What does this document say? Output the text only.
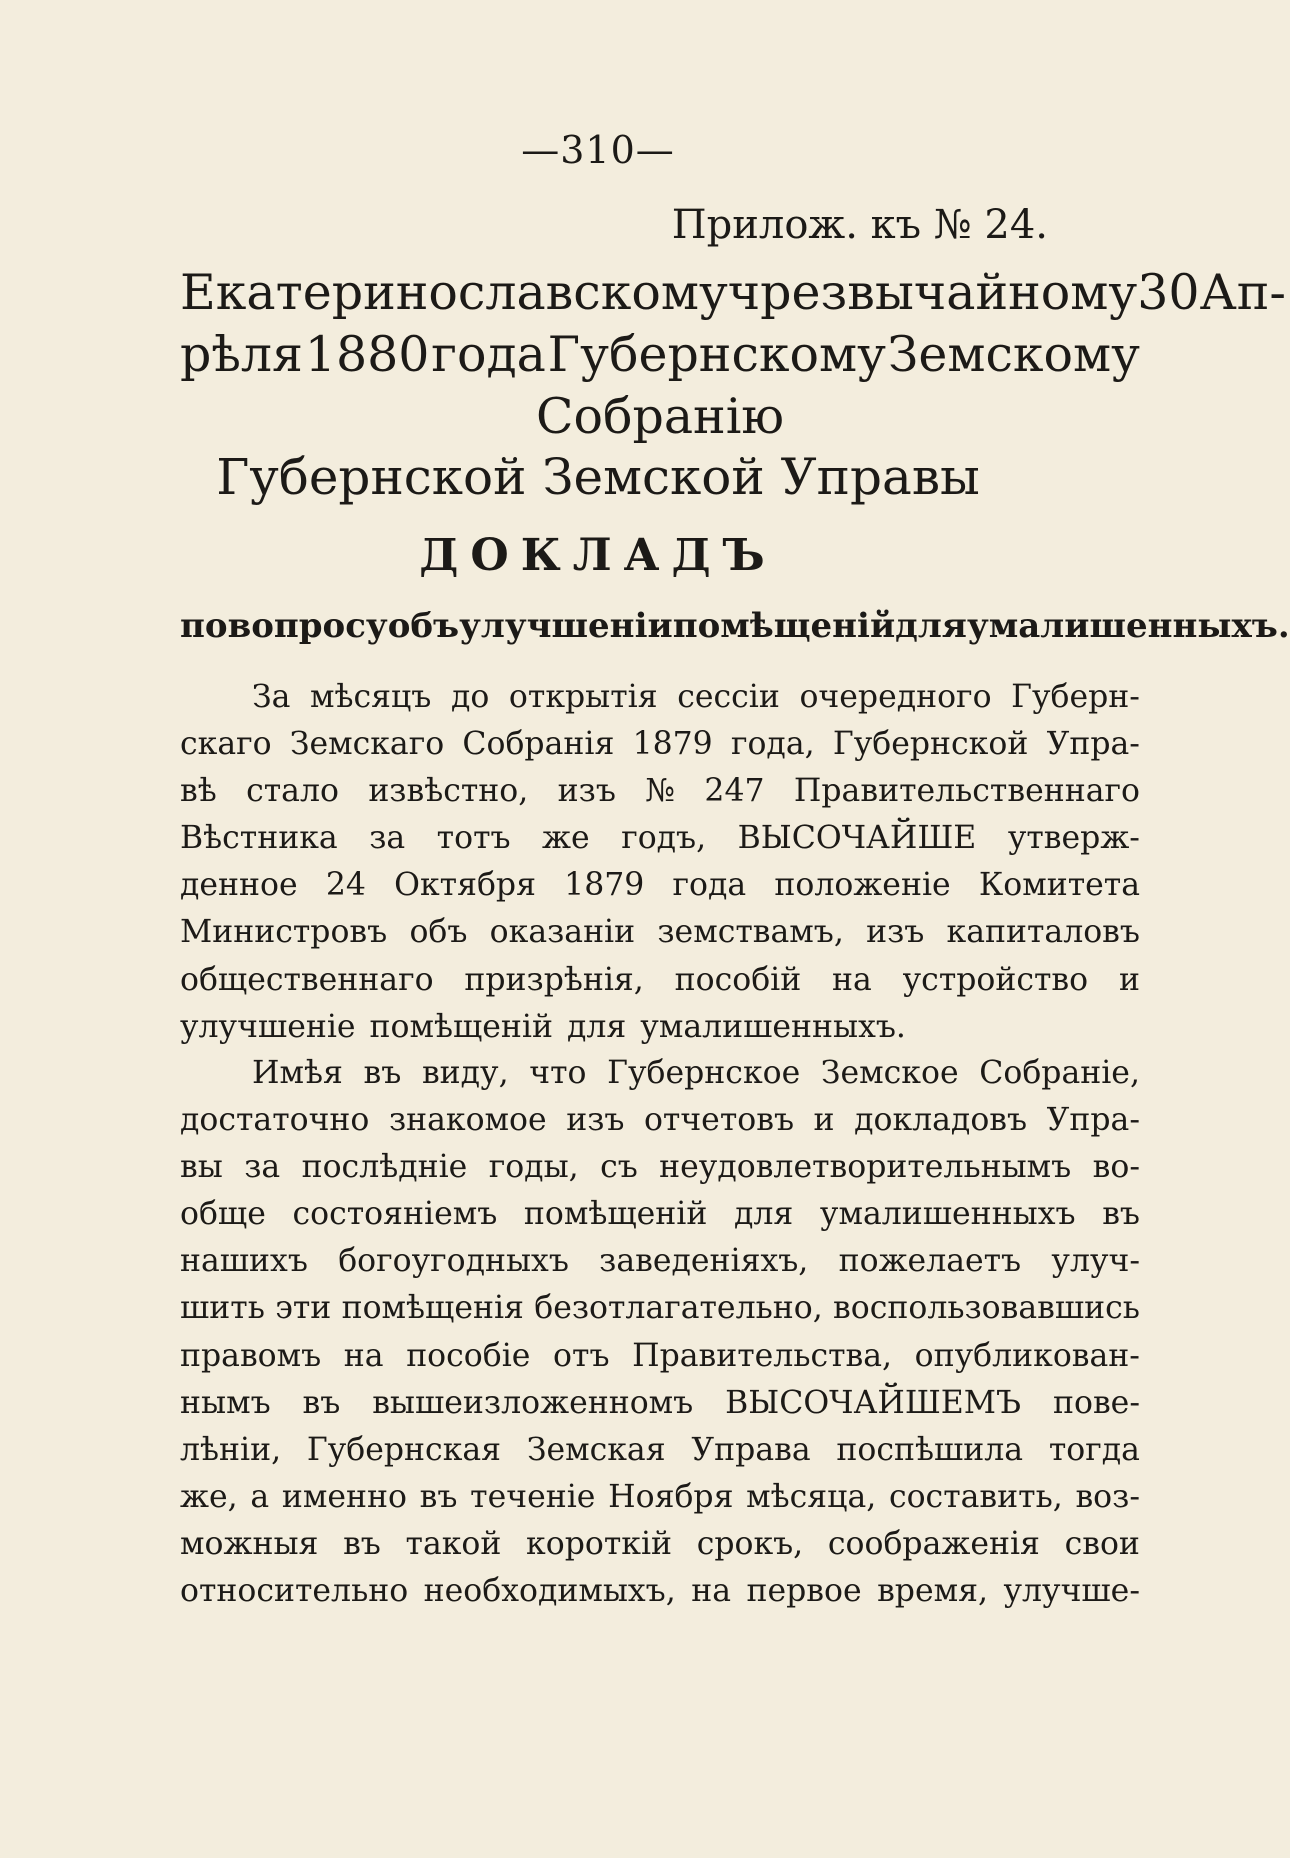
—310—
Прилож. къ № 24.
Екатеринославскому чрезвычайному 30 Ап-
рѣля 1880 года Губернскому Земскому
Собранію
Губернской Земской Управы
ДОКЛАДЪ
по вопросу объ улучшеніи помѣщеній для умалишенныхъ.
За мѣсяцъ до открытія сессіи очередного Губерн-
скаго Земскаго Собранія 1879 года, Губернской Упра-
вѣ стало извѣстно, изъ № 247 Правительственнаго
Вѣстника за тотъ же годъ, ВЫСОЧАЙШЕ утверж-
денное 24 Октября 1879 года положеніе Комитета
Министровъ объ оказаніи земствамъ, изъ капиталовъ
общественнаго призрѣнія, пособій на устройство и
улучшеніе помѣщеній для умалишенныхъ.
Имѣя въ виду, что Губернское Земское Собраніе,
достаточно знакомое изъ отчетовъ и докладовъ Упра-
вы за послѣдніе годы, съ неудовлетворительнымъ во-
обще состояніемъ помѣщеній для умалишенныхъ въ
нашихъ богоугодныхъ заведеніяхъ, пожелаетъ улуч-
шить эти помѣщенія безотлагательно, воспользовавшись
правомъ на пособіе отъ Правительства, опубликован-
нымъ въ вышеизложенномъ ВЫСОЧАЙШЕМЪ пове-
лѣніи, Губернская Земская Управа поспѣшила тогда
же, а именно въ теченіе Ноября мѣсяца, составить, воз-
можныя въ такой короткій срокъ, соображенія свои
относительно необходимыхъ, на первое время, улучше-
